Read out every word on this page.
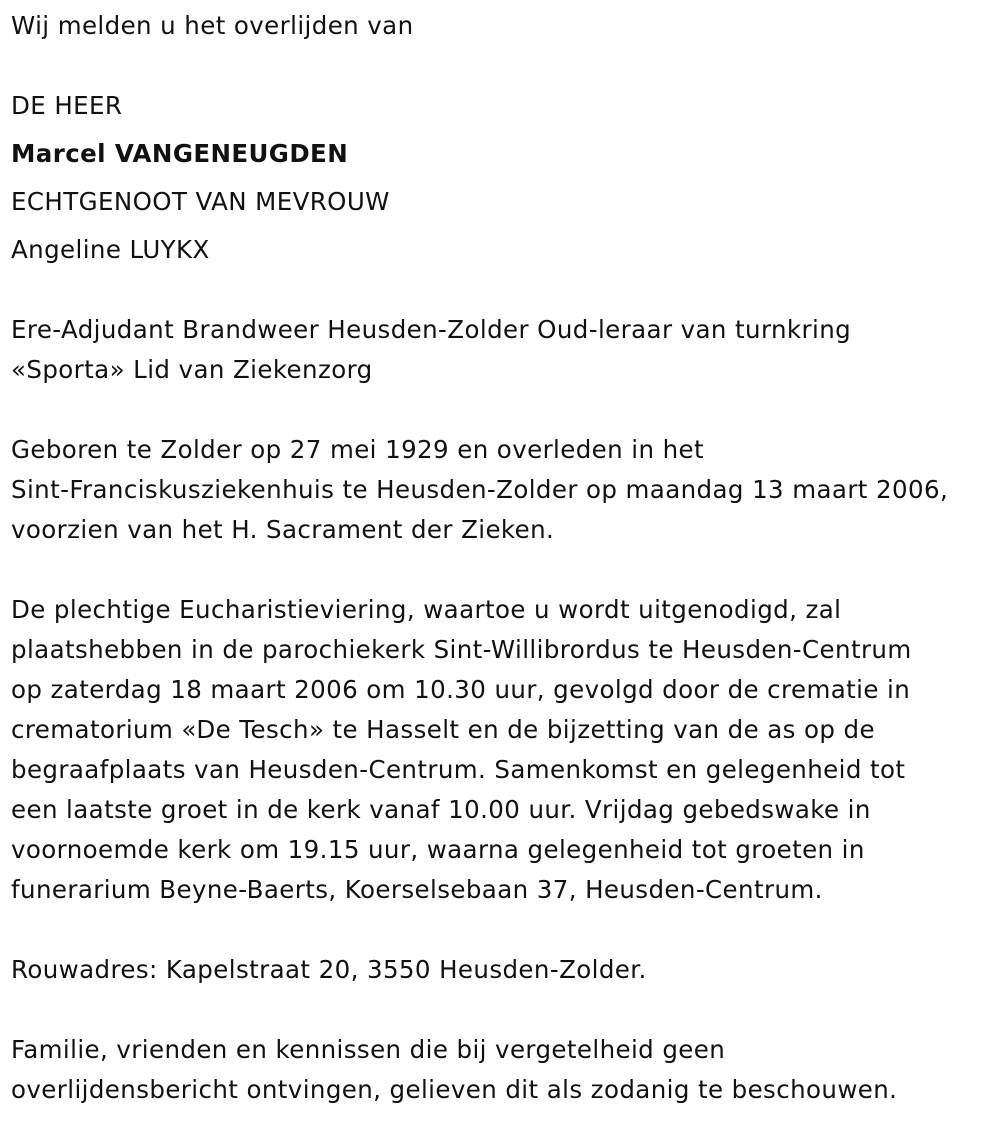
Wij melden u het overlijden van
DE HEER
Marcel VANGENEUGDEN
ECHTGENOOT VAN MEVROUW
Angeline LUYKX
Ere-Adjudant Brandweer Heusden-Zolder Oud-leraar van turnkring
«Sporta» Lid van Ziekenzorg
Geboren te Zolder op 27 mei 1929 en overleden in het
Sint-Franciskusziekenhuis te Heusden-Zolder op maandag 13 maart 2006,
voorzien van het H. Sacrament der Zieken.
De plechtige Eucharistieviering, waartoe u wordt uitgenodigd, zal
plaatshebben in de parochiekerk Sint-Willibrordus te Heusden-Centrum
op zaterdag 18 maart 2006 om 10.30 uur, gevolgd door de crematie in
crematorium «De Tesch» te Hasselt en de bijzetting van de as op de
begraafplaats van Heusden-Centrum. Samenkomst en gelegenheid tot
een laatste groet in de kerk vanaf 10.00 uur. Vrijdag gebedswake in
voornoemde kerk om 19.15 uur, waarna gelegenheid tot groeten in
funerarium Beyne-Baerts, Koerselsebaan 37, Heusden-Centrum.
Rouwadres: Kapelstraat 20, 3550 Heusden-Zolder.
Familie, vrienden en kennissen die bij vergetelheid geen
overlijdensbericht ontvingen, gelieven dit als zodanig te beschouwen.
